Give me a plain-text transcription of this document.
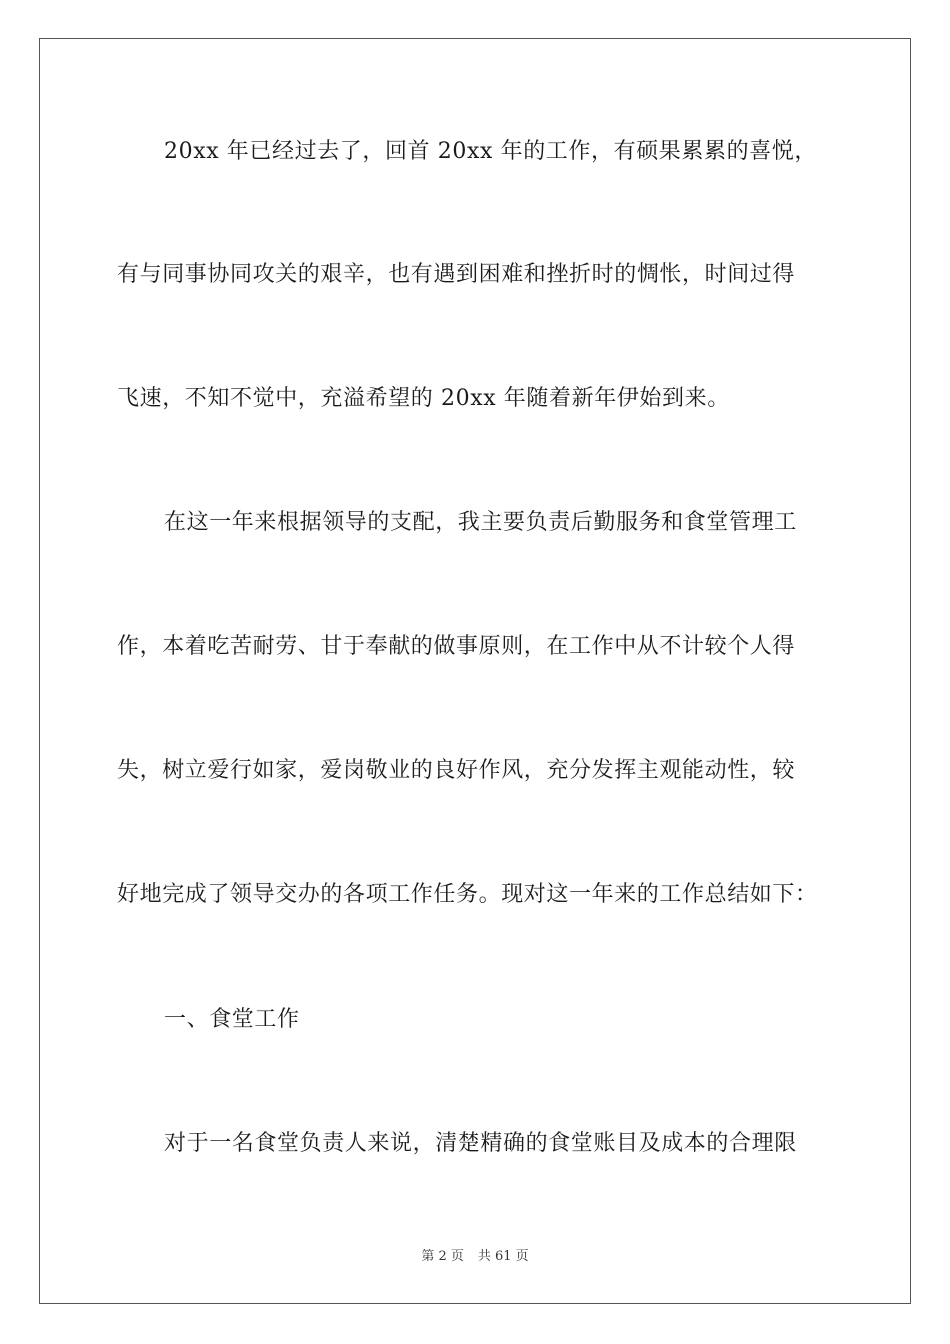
20xx 年已经过去了，回首 20xx 年的工作，有硕果累累的喜悦，
有与同事协同攻关的艰辛，也有遇到困难和挫折时的惆怅，时间过得
飞速，不知不觉中，充溢希望的 20xx 年随着新年伊始到来。
在这一年来根据领导的支配，我主要负责后勤服务和食堂管理工
作，本着吃苦耐劳、甘于奉献的做事原则，在工作中从不计较个人得
失，树立爱行如家，爱岗敬业的良好作风，充分发挥主观能动性，较
好地完成了领导交办的各项工作任务。现对这一年来的工作总结如下：
一、食堂工作
对于一名食堂负责人来说，清楚精确的食堂账目及成本的合理限
第 2 页 共 61 页
